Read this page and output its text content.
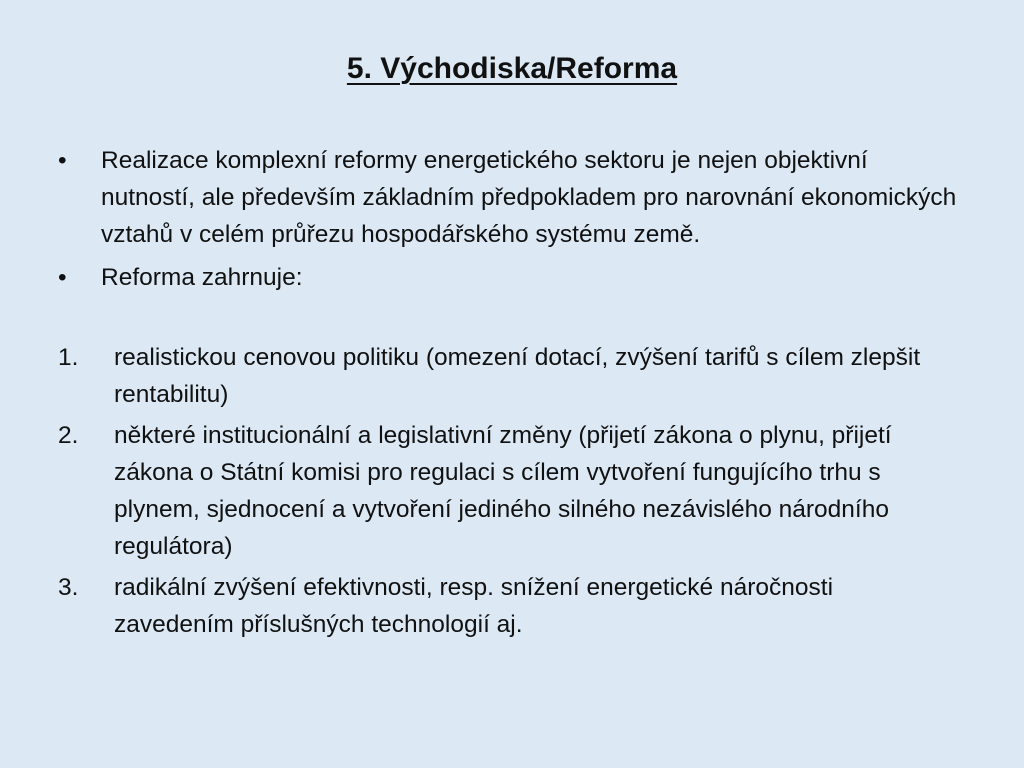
5. Východiska/Reforma
•	Realizace komplexní reformy energetického sektoru je nejen objektivní nutností, ale především základním předpokladem pro narovnání ekonomických vztahů v celém průřezu hospodářského systému země.
•	Reforma zahrnuje:
1.	realistickou cenovou politiku (omezení dotací, zvýšení tarifů s cílem zlepšit rentabilitu)
2.	některé institucionální a legislativní změny (přijetí zákona o plynu, přijetí zákona o Státní komisi pro regulaci s cílem vytvoření fungujícího trhu s plynem, sjednocení a vytvoření jediného silného nezávislého národního regulátora)
3.	radikální zvýšení efektivnosti, resp. snížení energetické náročnosti zavedením příslušných technologií aj.
